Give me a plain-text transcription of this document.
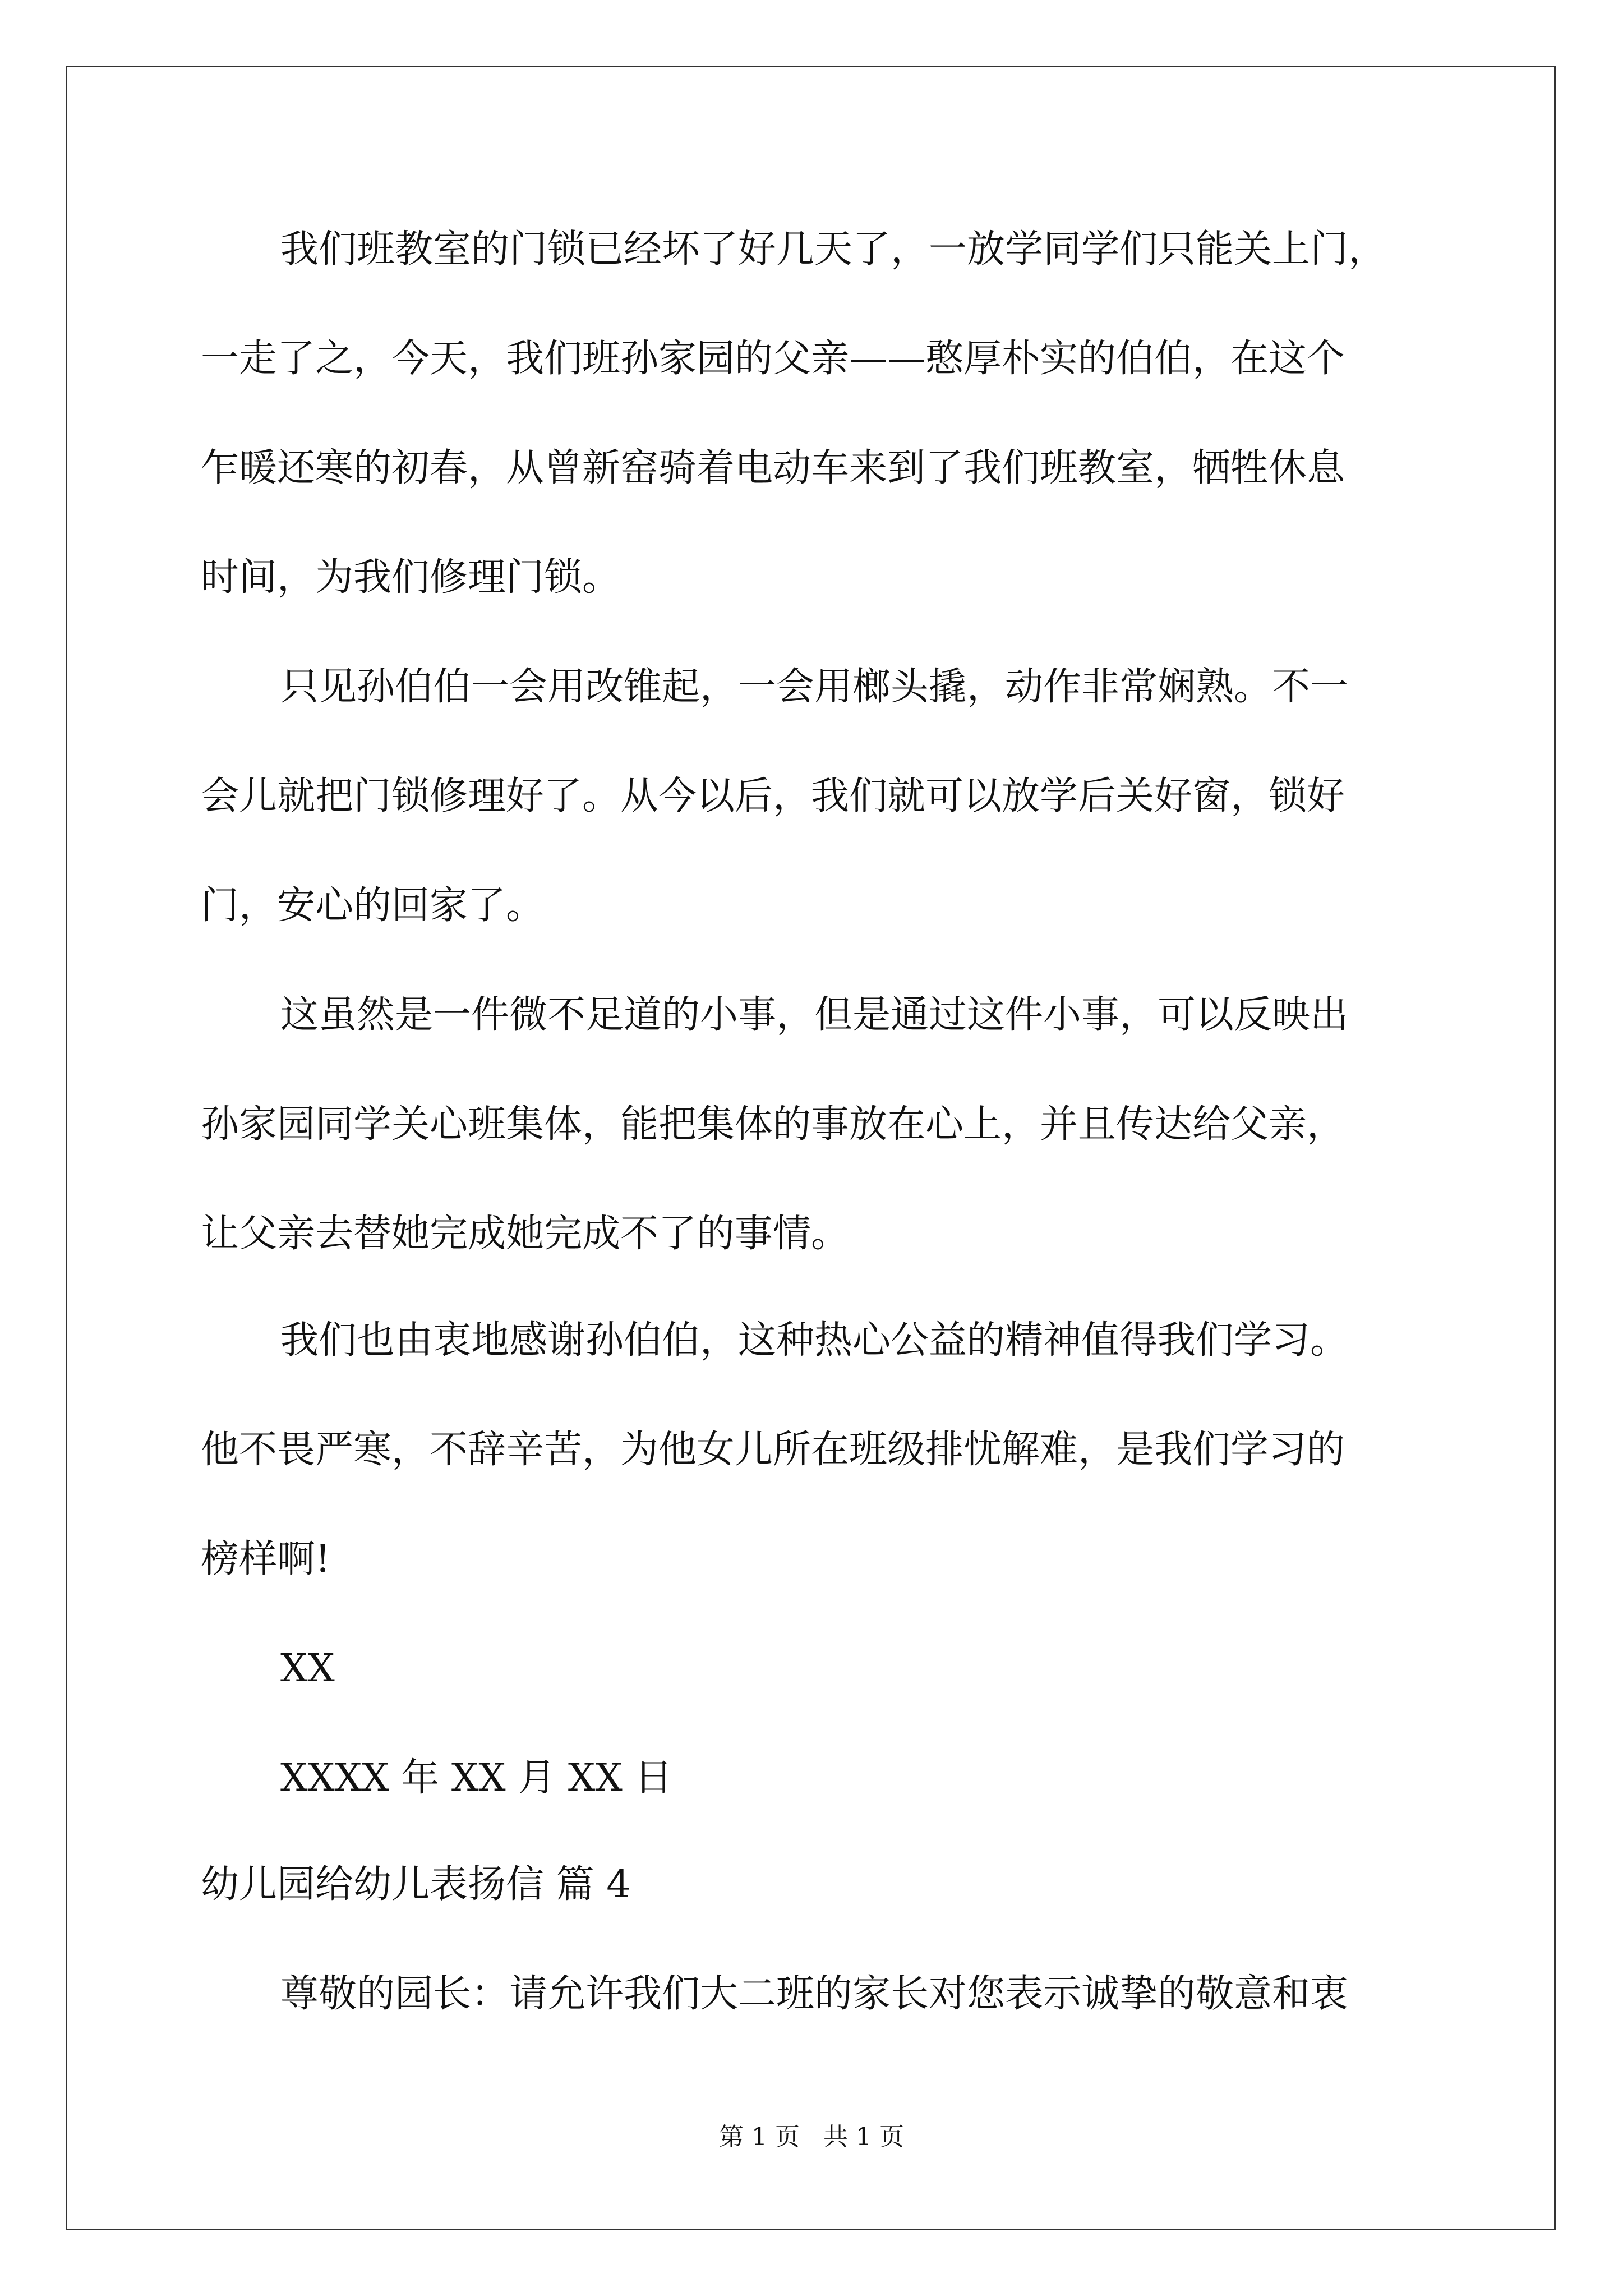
我们班教室的门锁已经坏了好几天了，一放学同学们只能关上门，
一走了之，今天，我们班孙家园的父亲——憨厚朴实的伯伯，在这个
乍暖还寒的初春，从曾新窑骑着电动车来到了我们班教室，牺牲休息
时间，为我们修理门锁。
只见孙伯伯一会用改锥起，一会用榔头撬，动作非常娴熟。不一
会儿就把门锁修理好了。从今以后，我们就可以放学后关好窗，锁好
门，安心的回家了。
这虽然是一件微不足道的小事，但是通过这件小事，可以反映出
孙家园同学关心班集体，能把集体的事放在心上，并且传达给父亲，
让父亲去替她完成她完成不了的事情。
我们也由衷地感谢孙伯伯，这种热心公益的精神值得我们学习。
他不畏严寒，不辞辛苦，为他女儿所在班级排忧解难，是我们学习的
榜样啊!
XX
XXXX 年 XX 月 XX 日
幼儿园给幼儿表扬信 篇 4
尊敬的园长：请允许我们大二班的家长对您表示诚挚的敬意和衷
第 1 页   共 1 页
